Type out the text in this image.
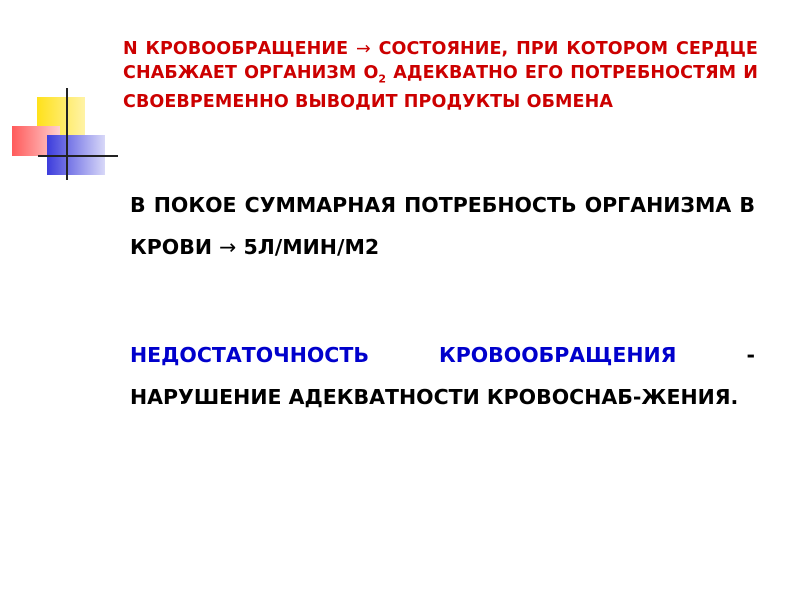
N КРОВООБРАЩЕНИЕ → СОСТОЯНИЕ, ПРИ КОТОРОМ СЕРДЦЕ СНАБЖАЕТ ОРГАНИЗМ $О_2$ АДЕКВАТНО ЕГО ПОТРЕБНОСТЯМ И СВОЕВРЕМЕННО ВЫВОДИТ ПРОДУКТЫ ОБМЕНА
В ПОКОЕ СУММАРНАЯ ПОТРЕБНОСТЬ ОРГАНИЗМА В КРОВИ → 5Л/МИН/М2
НЕДОСТАТОЧНОСТЬ КРОВООБРАЩЕНИЯ	- НАРУШЕНИЕ АДЕКВАТНОСТИ КРОВОСНАБ-ЖЕНИЯ.
